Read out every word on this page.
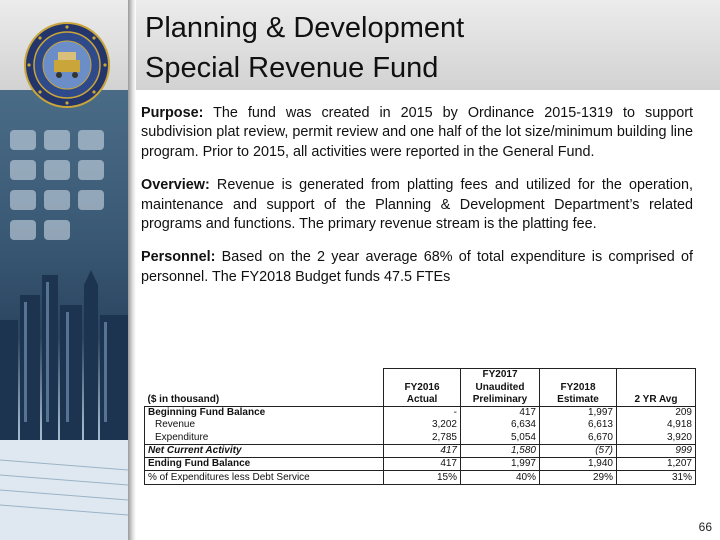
Planning & Development
Special Revenue Fund

Purpose: The fund was created in 2015 by Ordinance 2015-1319 to support subdivision plat review, permit review and one half of the lot size/minimum building line program. Prior to 2015, all activities were reported in the General Fund.

Overview: Revenue is generated from platting fees and utilized for the operation, maintenance and support of the Planning & Development Department’s related programs and functions. The primary revenue stream is the platting fee.

Personnel: Based on the 2 year average 68% of total expenditure is comprised of personnel. The FY2018 Budget funds 47.5 FTEs

		FY2017		
	FY2016	Unaudited	FY2018	
($ in thousand)	Actual	Preliminary	Estimate	2 YR Avg
Beginning Fund Balance	-	417	1,997	209
Revenue	3,202	6,634	6,613	4,918
Expenditure	2,785	5,054	6,670	3,920
Net Current Activity	417	1,580	(57)	999
Ending Fund Balance	417	1,997	1,940	1,207
% of Expenditures less Debt Service	15%	40%	29%	31%
66
